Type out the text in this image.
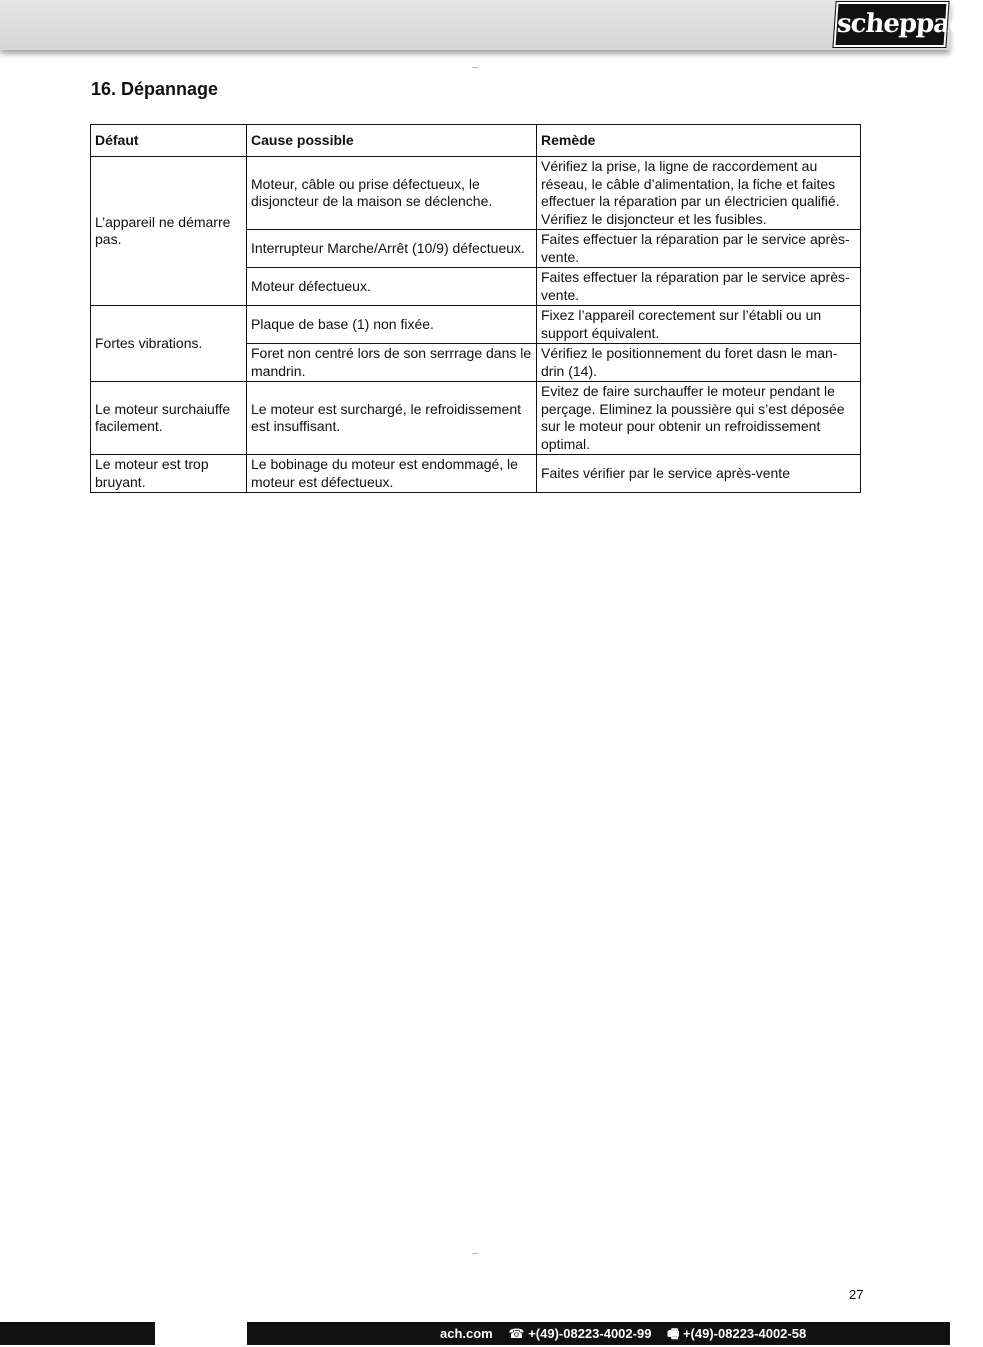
scheppach
16. Dépannage
Défaut	Cause possible	Remède
L’appareil ne démarre pas.	Moteur, câble ou prise défectueux, le disjoncteur de la maison se déclenche.	Vérifiez la prise, la ligne de raccordement au réseau, le câble d’alimentation, la fiche et faites effectuer la réparation par un électricien qualifié. Vérifiez le disjoncteur et les fusibles.
	Interrupteur Marche/Arrêt (10/9) défectueux.	Faites effectuer la réparation par le service après-vente.
	Moteur défectueux.	Faites effectuer la réparation par le service après-vente.
Fortes vibrations.	Plaque de base (1) non fixée.	Fixez l’appareil corectement sur l’établi ou un support équivalent.
	Foret non centré lors de son serrrage dans le mandrin.	Vérifiez le positionnement du foret dasn le mandrin (14).
Le moteur surchaiuffe facilement.	Le moteur est surchargé, le refroidissement est insuffisant.	Evitez de faire surchauffer le moteur pendant le perçage. Eliminez la poussière qui s’est déposée sur le moteur pour obtenir un refroidissement optimal.
Le moteur est trop bruyant.	Le bobinage du moteur est endommagé, le moteur est défectueux.	Faites vérifier par le service après-vente
27
ach.com ☎ +(49)-08223-4002-99 🖷 +(49)-08223-4002-58
